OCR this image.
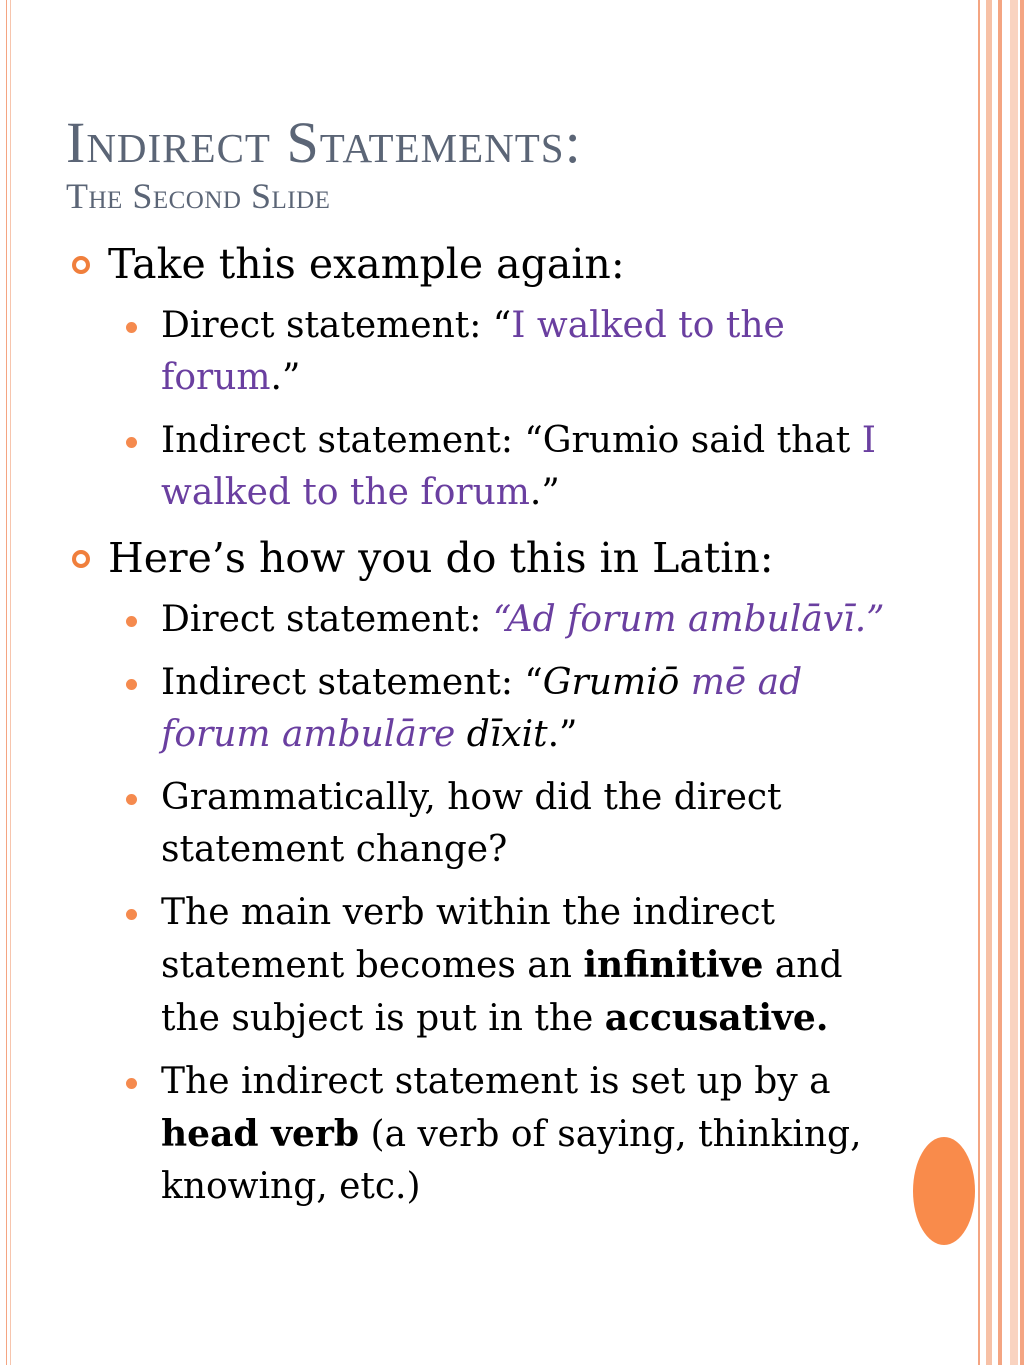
Indirect Statements:
The Second Slide
Take this example again:
Direct statement: “I walked to the forum.”
Indirect statement: “Grumio said that I walked to the forum.”
Here’s how you do this in Latin:
Direct statement: “Ad forum ambulāvī.”
Indirect statement: “Grumiō mē ad forum ambulāre dīxit.”
Grammatically, how did the direct statement change?
The main verb within the indirect statement becomes an infinitive and the subject is put in the accusative.
The indirect statement is set up by a head verb (a verb of saying, thinking, knowing, etc.)
